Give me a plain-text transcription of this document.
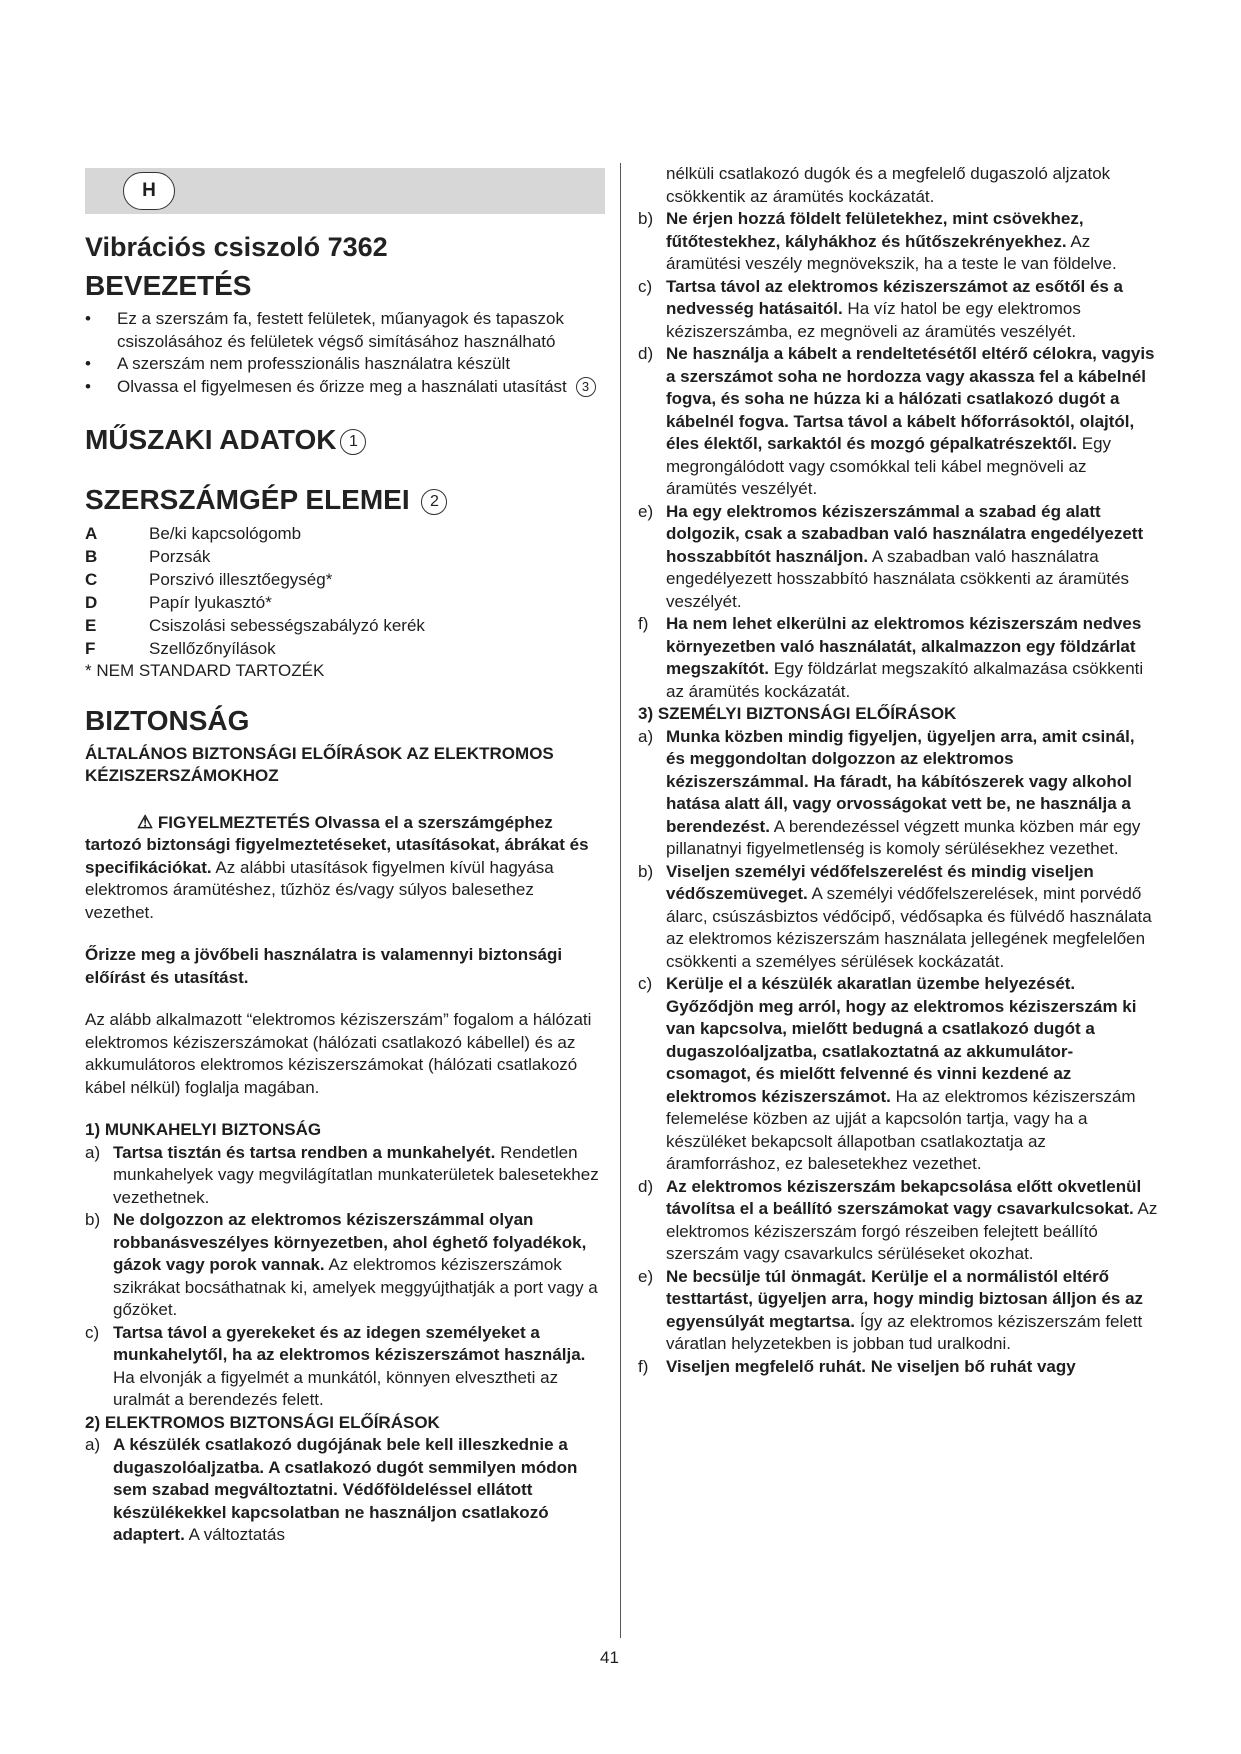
H
Vibrációs csiszoló 7362
BEVEZETÉS
•	Ez a szerszám fa, festett felületek, műanyagok és tapaszok csiszolásához és felületek végső simításához használható
•	A szerszám nem professzionális használatra készült
•	Olvassa el figyelmesen és őrizze meg a használati utasítást 3
MŰSZAKI ADATOK 1
SZERSZÁMGÉP ELEMEI 2
A	Be/ki kapcsológomb
B	Porzsák
C	Porszivó illesztőegység*
D	Papír lyukasztó*
E	Csiszolási sebességszabályzó kerék
F	Szellőzőnyílások

* NEM STANDARD TARTOZÉK

BIZTONSÁG
ÁLTALÁNOS BIZTONSÁGI ELŐÍRÁSOK AZ ELEKTROMOS KÉZISZERSZÁMOKHOZ

⚠ FIGYELMEZTETÉS Olvassa el a szerszámgéphez tartozó biztonsági figyelmeztetéseket, utasításokat, ábrákat és specifikációkat. Az alábbi utasítások figyelmen kívül hagyása elektromos áramütéshez, tűzhöz és/vagy súlyos balesethez vezethet.

Őrizze meg a jövőbeli használatra is valamennyi biztonsági előírást és utasítást.

Az alább alkalmazott “elektromos kéziszerszám” fogalom a hálózati elektromos kéziszerszámokat (hálózati csatlakozó kábellel) és az akkumulátoros elektromos kéziszerszámokat (hálózati csatlakozó kábel nélkül) foglalja magában.

1) MUNKAHELYI BIZTONSÁG

a) Tartsa tisztán és tartsa rendben a munkahelyét. Rendetlen munkahelyek vagy megvilágítatlan munkaterületek balesetekhez vezethetnek.
b) Ne dolgozzon az elektromos kéziszerszámmal olyan robbanásveszélyes környezetben, ahol éghető folyadékok, gázok vagy porok vannak. Az elektromos kéziszerszámok szikrákat bocsáthatnak ki, amelyek meggyújthatják a port vagy a gőzöket.
c) Tartsa távol a gyerekeket és az idegen személyeket a munkahelytől, ha az elektromos kéziszerszámot használja. Ha elvonják a figyelmét a munkától, könnyen elvesztheti az uralmát a berendezés felett.

2) ELEKTROMOS BIZTONSÁGI ELŐÍRÁSOK

a) A készülék csatlakozó dugójának bele kell illeszkednie a dugaszolóaljzatba. A csatlakozó dugót semmilyen módon sem szabad megváltoztatni. Védőföldeléssel ellátott készülékekkel kapcsolatban ne használjon csatlakozó adaptert. A változtatás
nélküli csatlakozó dugók és a megfelelő dugaszoló aljzatok csökkentik az áramütés kockázatát.
b) Ne érjen hozzá földelt felületekhez, mint csövekhez, fűtőtestekhez, kályhákhoz és hűtőszekrényekhez. Az áramütési veszély megnövekszik, ha a teste le van földelve.
c) Tartsa távol az elektromos kéziszerszámot az esőtől és a nedvesség hatásaitól. Ha víz hatol be egy elektromos kéziszerszámba, ez megnöveli az áramütés veszélyét.
d) Ne használja a kábelt a rendeltetésétől eltérő célokra, vagyis a szerszámot soha ne hordozza vagy akassza fel a kábelnél fogva, és soha ne húzza ki a hálózati csatlakozó dugót a kábelnél fogva. Tartsa távol a kábelt hőforrásoktól, olajtól, éles élektől, sarkaktól és mozgó gépalkatrészektől. Egy megrongálódott vagy csomókkal teli kábel megnöveli az áramütés veszélyét.
e) Ha egy elektromos kéziszerszámmal a szabad ég alatt dolgozik, csak a szabadban való használatra engedélyezett hosszabbítót használjon. A szabadban való használatra engedélyezett hosszabbító használata csökkenti az áramütés veszélyét.
f) Ha nem lehet elkerülni az elektromos kéziszerszám nedves környezetben való használatát, alkalmazzon egy földzárlat megszakítót. Egy földzárlat megszakító alkalmazása csökkenti az áramütés kockázatát.

3) SZEMÉLYI BIZTONSÁGI ELŐÍRÁSOK

a) Munka közben mindig figyeljen, ügyeljen arra, amit csinál, és meggondoltan dolgozzon az elektromos kéziszerszámmal. Ha fáradt, ha kábítószerek vagy alkohol hatása alatt áll, vagy orvosságokat vett be, ne használja a berendezést. A berendezéssel végzett munka közben már egy pillanatnyi figyelmetlenség is komoly sérülésekhez vezethet.
b) Viseljen személyi védőfelszerelést és mindig viseljen védőszemüveget. A személyi védőfelszerelések, mint porvédő álarc, csúszásbiztos védőcipő, védősapka és fülvédő használata az elektromos kéziszerszám használata jellegének megfelelően csökkenti a személyes sérülések kockázatát.
c) Kerülje el a készülék akaratlan üzembe helyezését. Győződjön meg arról, hogy az elektromos kéziszerszám ki van kapcsolva, mielőtt bedugná a csatlakozó dugót a dugaszolóaljzatba, csatlakoztatná az akkumulátor-csomagot, és mielőtt felvenné és vinni kezdené az elektromos kéziszerszámot. Ha az elektromos kéziszerszám felemelése közben az ujját a kapcsolón tartja, vagy ha a készüléket bekapcsolt állapotban csatlakoztatja az áramforráshoz, ez balesetekhez vezethet.
d) Az elektromos kéziszerszám bekapcsolása előtt okvetlenül távolítsa el a beállító szerszámokat vagy csavarkulcsokat. Az elektromos kéziszerszám forgó részeiben felejtett beállító szerszám vagy csavarkulcs sérüléseket okozhat.
e) Ne becsülje túl önmagát. Kerülje el a normálistól eltérő testtartást, ügyeljen arra, hogy mindig biztosan álljon és az egyensúlyát megtartsa. Így az elektromos kéziszerszám felett váratlan helyzetekben is jobban tud uralkodni.
f) Viseljen megfelelő ruhát. Ne viseljen bő ruhát vagy
41
